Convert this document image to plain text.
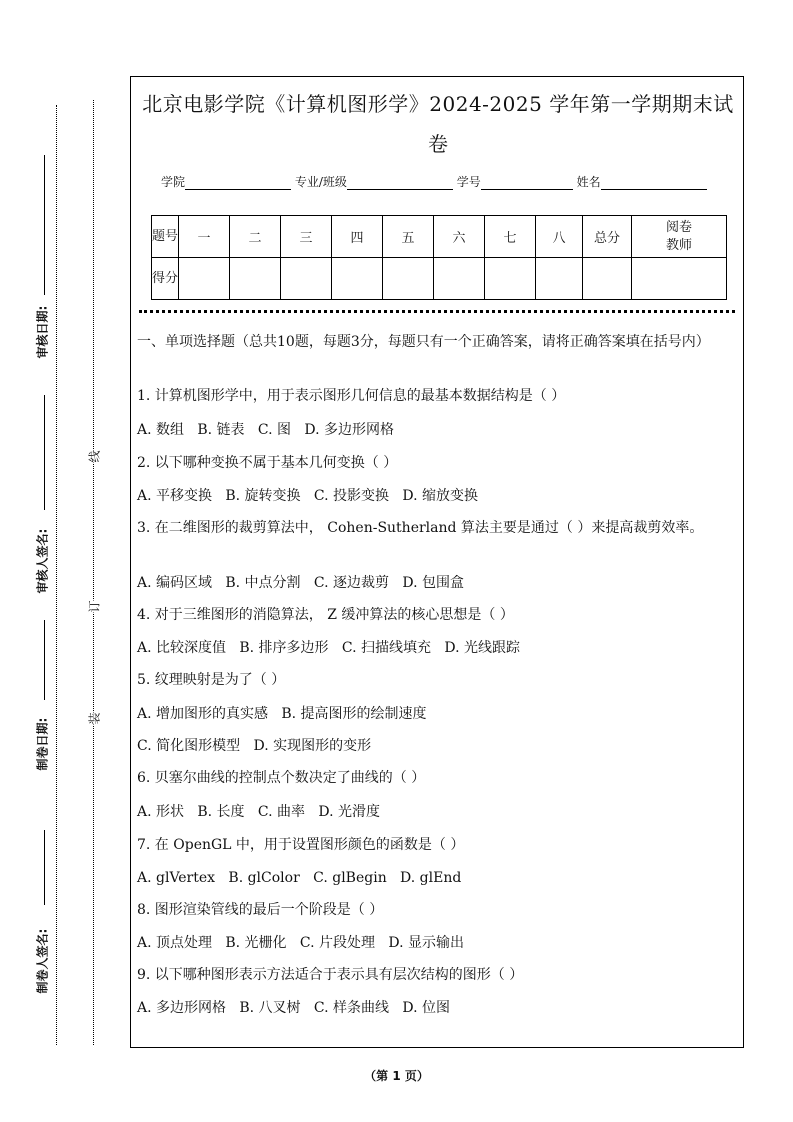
审核日期:
审核人签名:
制卷日期:
制卷人签名:
线
订
装
北京电影学院《计算机图形学》2024-2025 学年第一学期期末试
卷
学院	专业/班级	学号	姓名
题号	一	二	三	四	五	六	七	八	总分	阅卷教师
得分										
一、单项选择题（总共10题，每题3分，每题只有一个正确答案，请将正确答案填在括号内）
1. 计算机图形学中，用于表示图形几何信息的最基本数据结构是（ ）
A. 数组   B. 链表   C. 图   D. 多边形网格
2. 以下哪种变换不属于基本几何变换（ ）
A. 平移变换   B. 旋转变换   C. 投影变换   D. 缩放变换
3. 在二维图形的裁剪算法中， Cohen-Sutherland 算法主要是通过（ ）来提高裁剪效率。
A. 编码区域   B. 中点分割   C. 逐边裁剪   D. 包围盒
4. 对于三维图形的消隐算法， Z 缓冲算法的核心思想是（ ）
A. 比较深度值   B. 排序多边形   C. 扫描线填充   D. 光线跟踪
5. 纹理映射是为了（ ）
A. 增加图形的真实感   B. 提高图形的绘制速度
C. 简化图形模型   D. 实现图形的变形
6. 贝塞尔曲线的控制点个数决定了曲线的（ ）
A. 形状   B. 长度   C. 曲率   D. 光滑度
7. 在 OpenGL 中，用于设置图形颜色的函数是（ ）
A. glVertex   B. glColor   C. glBegin   D. glEnd
8. 图形渲染管线的最后一个阶段是（ ）
A. 顶点处理   B. 光栅化   C. 片段处理   D. 显示输出
9. 以下哪种图形表示方法适合于表示具有层次结构的图形（ ）
A. 多边形网格   B. 八叉树   C. 样条曲线   D. 位图
（第 1 页）
